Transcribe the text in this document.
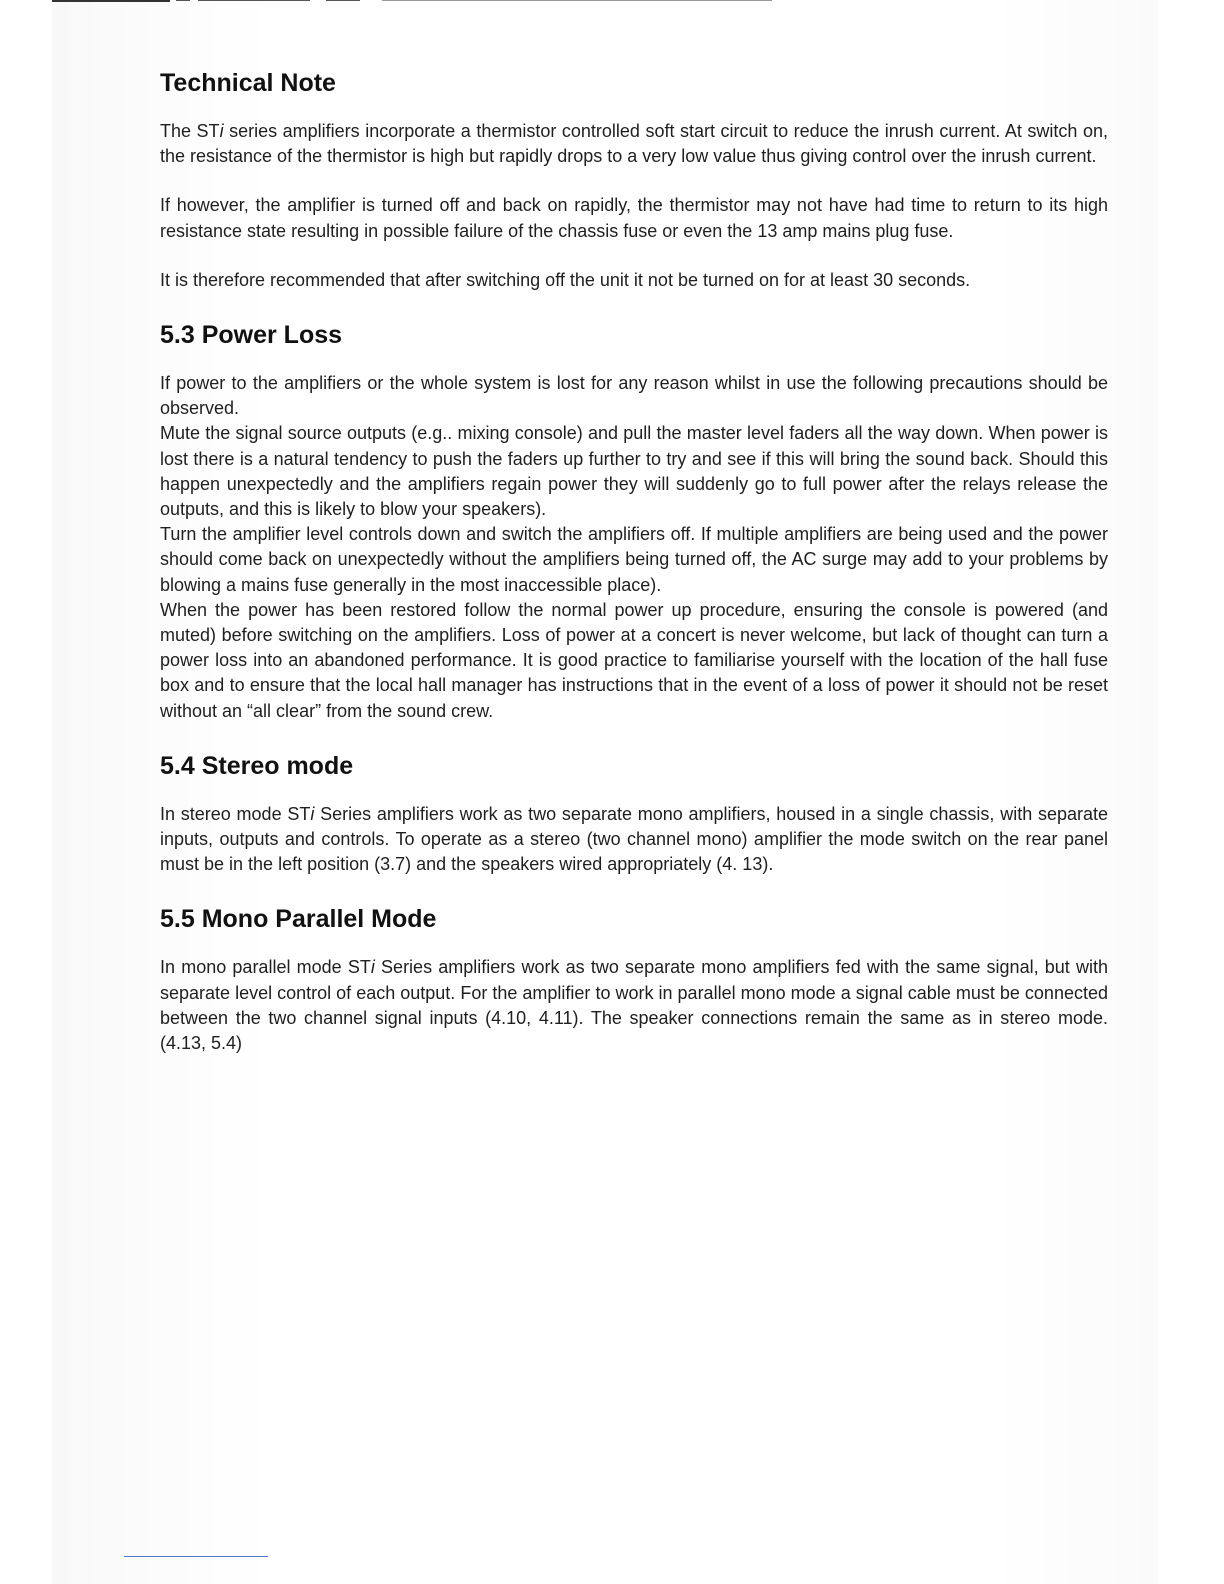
Technical Note

The STi series amplifiers incorporate a thermistor controlled soft start circuit to reduce the inrush current. At switch on, the resistance of the thermistor is high but rapidly drops to a very low value thus giving control over the inrush current.

If however, the amplifier is turned off and back on rapidly, the thermistor may not have had time to return to its high resistance state resulting in possible failure of the chassis fuse or even the 13 amp mains plug fuse.

It is therefore recommended that after switching off the unit it not be turned on for at least 30 seconds.

5.3 Power Loss

If power to the amplifiers or the whole system is lost for any reason whilst in use the following precautions should be observed.

Mute the signal source outputs (e.g.. mixing console) and pull the master level faders all the way down. When power is lost there is a natural tendency to push the faders up further to try and see if this will bring the sound back. Should this happen unexpectedly and the amplifiers regain power they will suddenly go to full power after the relays release the outputs, and this is likely to blow your speakers).

Turn the amplifier level controls down and switch the amplifiers off. If multiple amplifiers are being used and the power should come back on unexpectedly without the amplifiers being turned off, the AC surge may add to your problems by blowing a mains fuse generally in the most inaccessible place).

When the power has been restored follow the normal power up procedure, ensuring the console is powered (and muted) before switching on the amplifiers. Loss of power at a concert is never welcome, but lack of thought can turn a power loss into an abandoned performance. It is good practice to familiarise yourself with the location of the hall fuse box and to ensure that the local hall manager has instructions that in the event of a loss of power it should not be reset without an “all clear” from the sound crew.

5.4 Stereo mode

In stereo mode STi Series amplifiers work as two separate mono amplifiers, housed in a single chassis, with separate inputs, outputs and controls. To operate as a stereo (two channel mono) amplifier the mode switch on the rear panel must be in the left position (3.7) and the speakers wired appropriately (4. 13).

5.5 Mono Parallel Mode

In mono parallel mode STi Series amplifiers work as two separate mono amplifiers fed with the same signal, but with separate level control of each output. For the amplifier to work in parallel mono mode a signal cable must be connected between the two channel signal inputs (4.10, 4.11). The speaker connections remain the same as in stereo mode. (4.13, 5.4)
